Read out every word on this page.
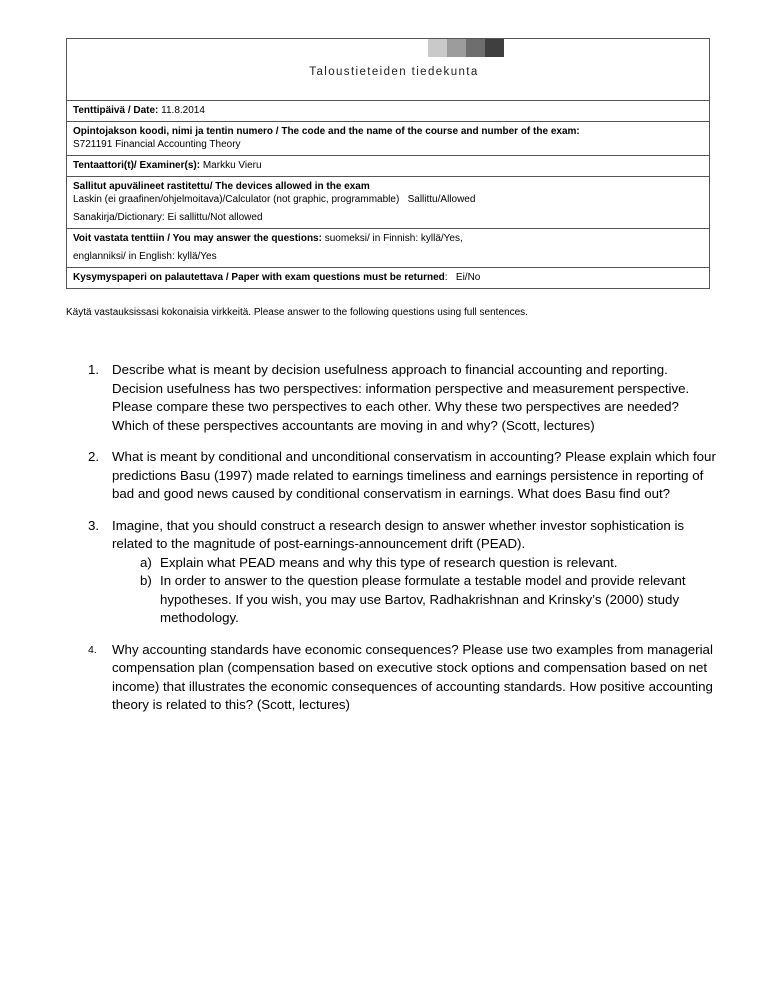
Taloustieteiden tiedekunta
Tenttipäivä / Date: 11.8.2014
Opintojakson koodi, nimi ja tentin numero / The code and the name of the course and number of the exam:
S721191 Financial Accounting Theory
Tentaattori(t)/ Examiner(s): Markku Vieru
Sallitut apuvälineet rastitettu/ The devices allowed in the exam
Laskin (ei graafinen/ohjelmoitava)/Calculator (not graphic, programmable)   Sallittu/Allowed
Sanakirja/Dictionary: Ei sallittu/Not allowed
Voit vastata tenttiin / You may answer the questions: suomeksi/ in Finnish: kyllä/Yes,
englanniksi/ in English: kyllä/Yes
Kysymyspaperi on palautettava / Paper with exam questions must be returned:   Ei/No
Käytä vastauksissasi kokonaisia virkkeitä. Please answer to the following questions using full sentences.
1. Describe what is meant by decision usefulness approach to financial accounting and reporting. Decision usefulness has two perspectives: information perspective and measurement perspective. Please compare these two perspectives to each other. Why these two perspectives are needed? Which of these perspectives accountants are moving in and why? (Scott, lectures)
2. What is meant by conditional and unconditional conservatism in accounting? Please explain which four predictions Basu (1997) made related to earnings timeliness and earnings persistence in reporting of bad and good news caused by conditional conservatism in earnings. What does Basu find out?
3. Imagine, that you should construct a research design to answer whether investor sophistication is related to the magnitude of post-earnings-announcement drift (PEAD).
a) Explain what PEAD means and why this type of research question is relevant.
b) In order to answer to the question please formulate a testable model and provide relevant hypotheses. If you wish, you may use Bartov, Radhakrishnan and Krinsky’s (2000) study methodology.
4.	Why accounting standards have economic consequences? Please use two examples from managerial compensation plan (compensation based on executive stock options and compensation based on net income) that illustrates the economic consequences of accounting standards. How positive accounting theory is related to this? (Scott, lectures)
